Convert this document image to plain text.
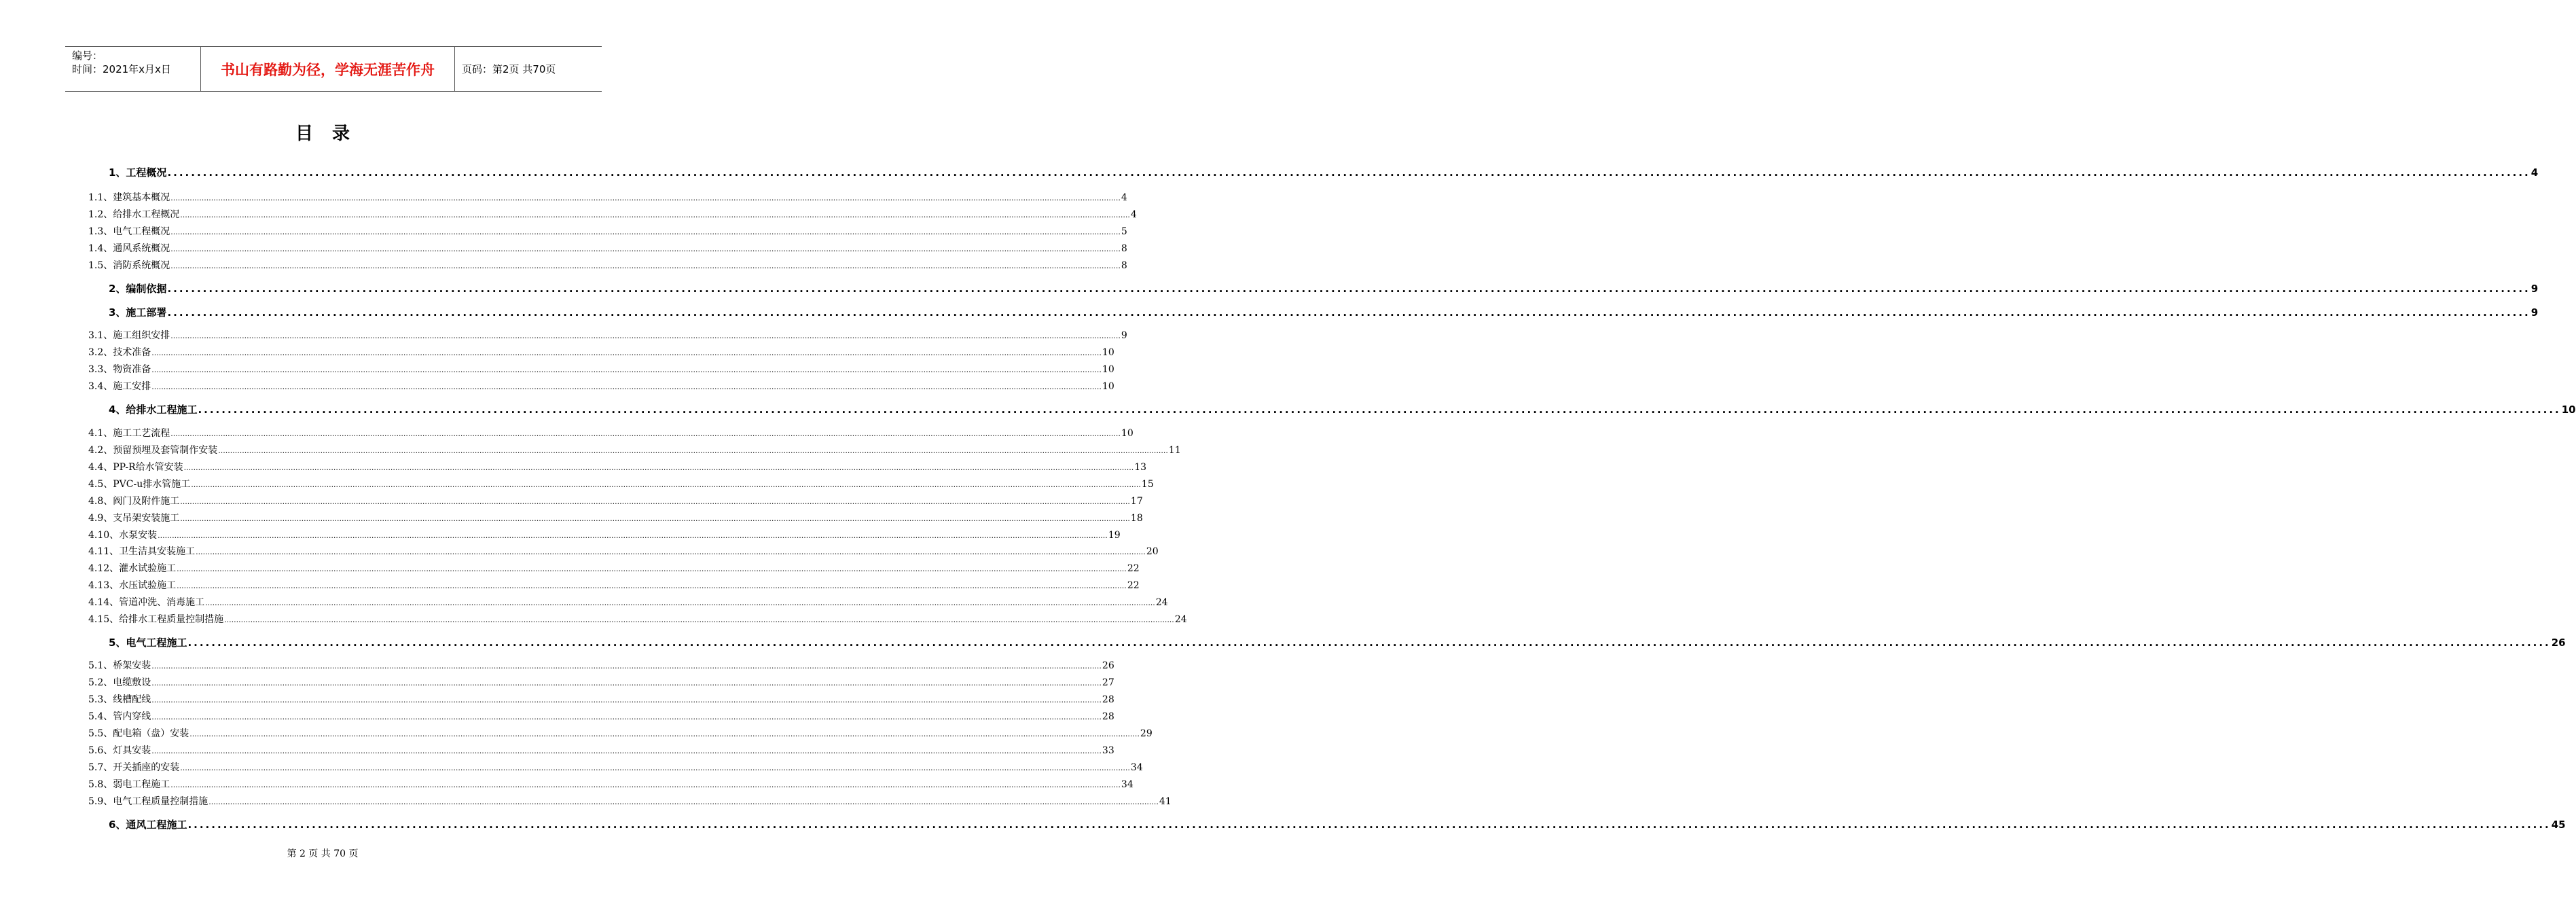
编号：
时间：2021年x月x日	书山有路勤为径，学海无涯苦作舟	页码：第2页 共70页
目录
1、工程概况 ................................................................................................................................................................................................................................................................................................................................................................................................................ 4
1.1、建筑基本概况 ................................................................................................................................................................................................................................................................................................................................................................................................................ 4
1.2、给排水工程概况 ................................................................................................................................................................................................................................................................................................................................................................................................................ 4
1.3、电气工程概况 ................................................................................................................................................................................................................................................................................................................................................................................................................ 5
1.4、通风系统概况 ................................................................................................................................................................................................................................................................................................................................................................................................................ 8
1.5、消防系统概况 ................................................................................................................................................................................................................................................................................................................................................................................................................ 8
2、编制依据 ................................................................................................................................................................................................................................................................................................................................................................................................................ 9
3、施工部署 ................................................................................................................................................................................................................................................................................................................................................................................................................ 9
3.1、施工组织安排 ................................................................................................................................................................................................................................................................................................................................................................................................................ 9
3.2、技术准备 ................................................................................................................................................................................................................................................................................................................................................................................................................ 10
3.3、物资准备 ................................................................................................................................................................................................................................................................................................................................................................................................................ 10
3.4、施工安排 ................................................................................................................................................................................................................................................................................................................................................................................................................ 10
4、给排水工程施工 ................................................................................................................................................................................................................................................................................................................................................................................................................ 10
4.1、施工工艺流程 ................................................................................................................................................................................................................................................................................................................................................................................................................ 10
4.2、预留预埋及套管制作安装 ................................................................................................................................................................................................................................................................................................................................................................................................................ 11
4.4、PP-R给水管安装 ................................................................................................................................................................................................................................................................................................................................................................................................................ 13
4.5、PVC-u排水管施工 ................................................................................................................................................................................................................................................................................................................................................................................................................ 15
4.8、阀门及附件施工 ................................................................................................................................................................................................................................................................................................................................................................................................................ 17
4.9、支吊架安装施工 ................................................................................................................................................................................................................................................................................................................................................................................................................ 18
4.10、水泵安装 ................................................................................................................................................................................................................................................................................................................................................................................................................ 19
4.11、卫生洁具安装施工 ................................................................................................................................................................................................................................................................................................................................................................................................................ 20
4.12、灌水试验施工 ................................................................................................................................................................................................................................................................................................................................................................................................................ 22
4.13、水压试验施工 ................................................................................................................................................................................................................................................................................................................................................................................................................ 22
4.14、管道冲洗、消毒施工 ................................................................................................................................................................................................................................................................................................................................................................................................................ 24
4.15、给排水工程质量控制措施 ................................................................................................................................................................................................................................................................................................................................................................................................................ 24
5、电气工程施工 ................................................................................................................................................................................................................................................................................................................................................................................................................ 26
5.1、桥架安装 ................................................................................................................................................................................................................................................................................................................................................................................................................ 26
5.2、电缆敷设 ................................................................................................................................................................................................................................................................................................................................................................................................................ 27
5.3、线槽配线 ................................................................................................................................................................................................................................................................................................................................................................................................................ 28
5.4、管内穿线 ................................................................................................................................................................................................................................................................................................................................................................................................................ 28
5.5、配电箱（盘）安装 ................................................................................................................................................................................................................................................................................................................................................................................................................ 29
5.6、灯具安装 ................................................................................................................................................................................................................................................................................................................................................................................................................ 33
5.7、开关插座的安装 ................................................................................................................................................................................................................................................................................................................................................................................................................ 34
5.8、弱电工程施工 ................................................................................................................................................................................................................................................................................................................................................................................................................ 34
5.9、电气工程质量控制措施 ................................................................................................................................................................................................................................................................................................................................................................................................................ 41
6、通风工程施工 ................................................................................................................................................................................................................................................................................................................................................................................................................ 45
第 2 页 共 70 页
